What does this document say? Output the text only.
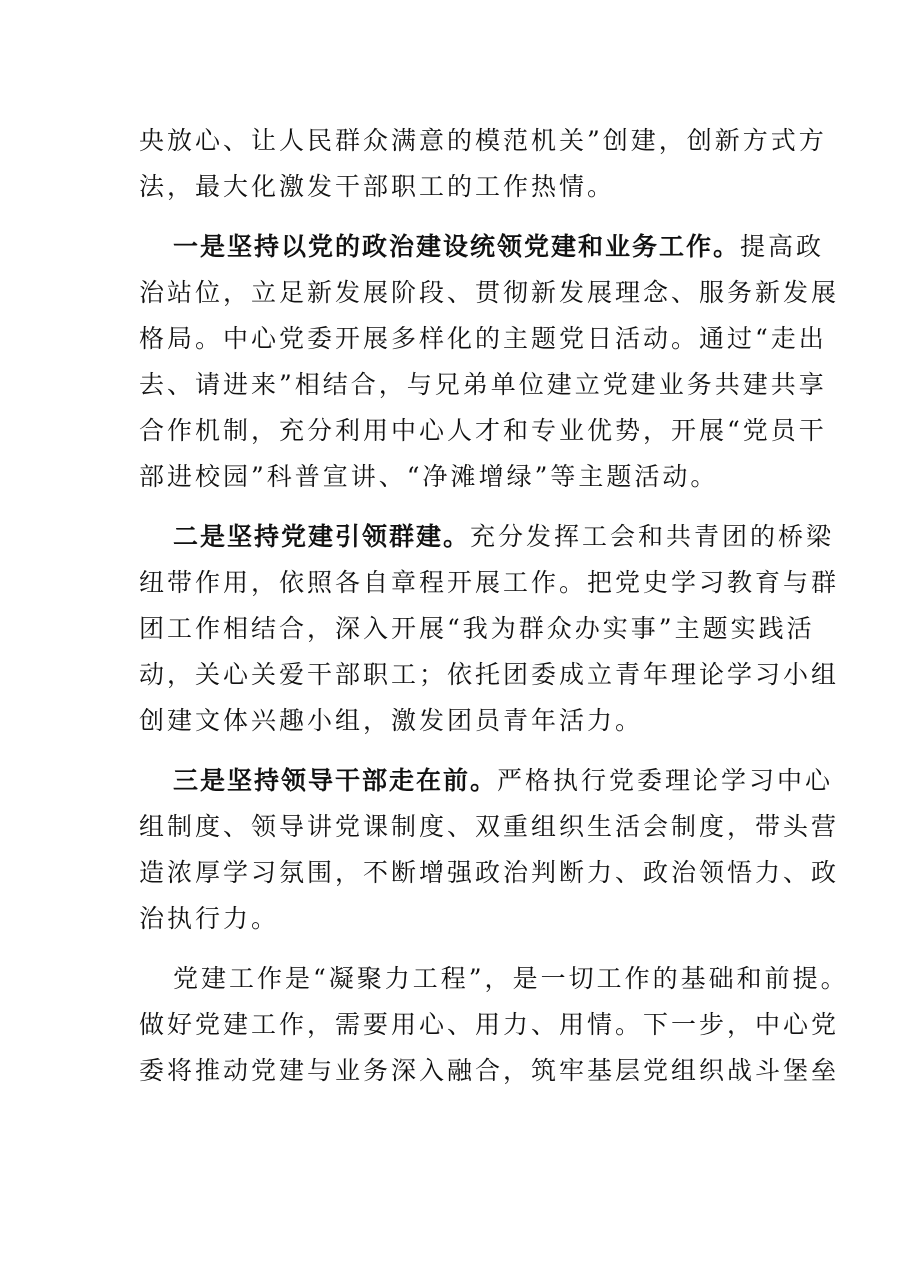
央放心、让人民群众满意的模范机关”创建，创新方式方
法，最大化激发干部职工的工作热情。
一是坚持以党的政治建设统领党建和业务工作。提高政
治站位，立足新发展阶段、贯彻新发展理念、服务新发展
格局。中心党委开展多样化的主题党日活动。通过“走出
去、请进来”相结合，与兄弟单位建立党建业务共建共享
合作机制，充分利用中心人才和专业优势，开展“党员干
部进校园”科普宣讲、“净滩增绿”等主题活动。
二是坚持党建引领群建。充分发挥工会和共青团的桥梁
纽带作用，依照各自章程开展工作。把党史学习教育与群
团工作相结合，深入开展“我为群众办实事”主题实践活
动，关心关爱干部职工；依托团委成立青年理论学习小组
创建文体兴趣小组，激发团员青年活力。
三是坚持领导干部走在前。严格执行党委理论学习中心
组制度、领导讲党课制度、双重组织生活会制度，带头营
造浓厚学习氛围，不断增强政治判断力、政治领悟力、政
治执行力。
党建工作是“凝聚力工程”，是一切工作的基础和前提。
做好党建工作，需要用心、用力、用情。下一步，中心党
委将推动党建与业务深入融合，筑牢基层党组织战斗堡垒
